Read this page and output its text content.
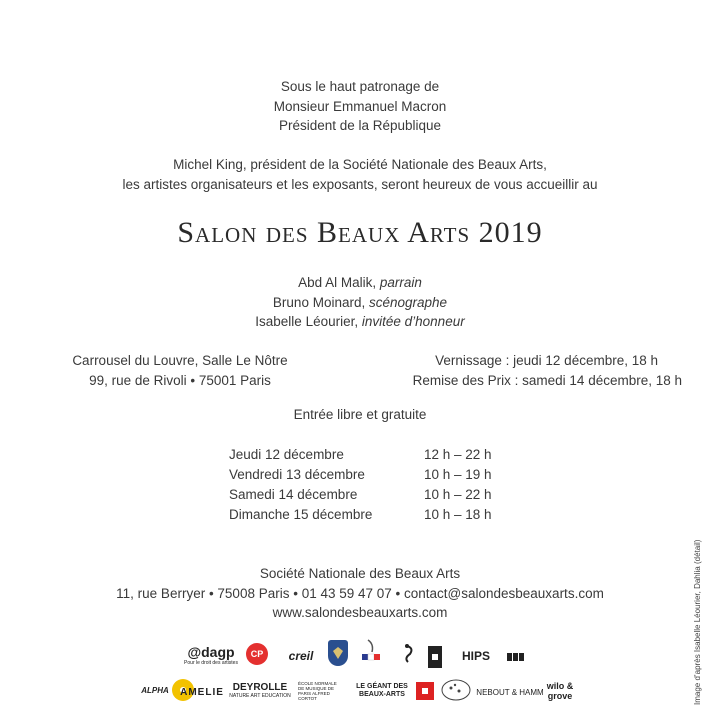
Sous le haut patronage de
Monsieur Emmanuel Macron
Président de la République
Michel King, président de la Société Nationale des Beaux Arts,
les artistes organisateurs et les exposants, seront heureux de vous accueillir au
Salon des Beaux Arts 2019
Abd Al Malik, parrain
Bruno Moinard, scénographe
Isabelle Léourier, invitée d’honneur
Carrousel du Louvre, Salle Le Nôtre
99, rue de Rivoli • 75001 Paris
Vernissage : jeudi 12 décembre, 18 h
Remise des Prix : samedi 14 décembre, 18 h
Entrée libre et gratuite
Jeudi 12 décembre	12 h – 22 h
Vendredi 13 décembre	10 h – 19 h
Samedi 14 décembre	10 h – 22 h
Dimanche 15 décembre	10 h – 18 h
Société Nationale des Beaux Arts
11, rue Berryer • 75008 Paris • 01 43 59 47 07 • contact@salondesbeauxarts.com
www.salondesbeauxarts.com	Image d’après Isabelle Léourier, Dahlia (détail)
@dagp
Pour le droit des artistes
CP creil	HIPS
ALPHA AMELIE DEYROLLE
NATURE ART EDUCATION
ÉCOLE NORMALE DE MUSIQUE DE PARIS ALFRED CORTOT
LE GÉANT DES BEAUX-ARTS	NEBOUT & HAMM
wilo & grove
